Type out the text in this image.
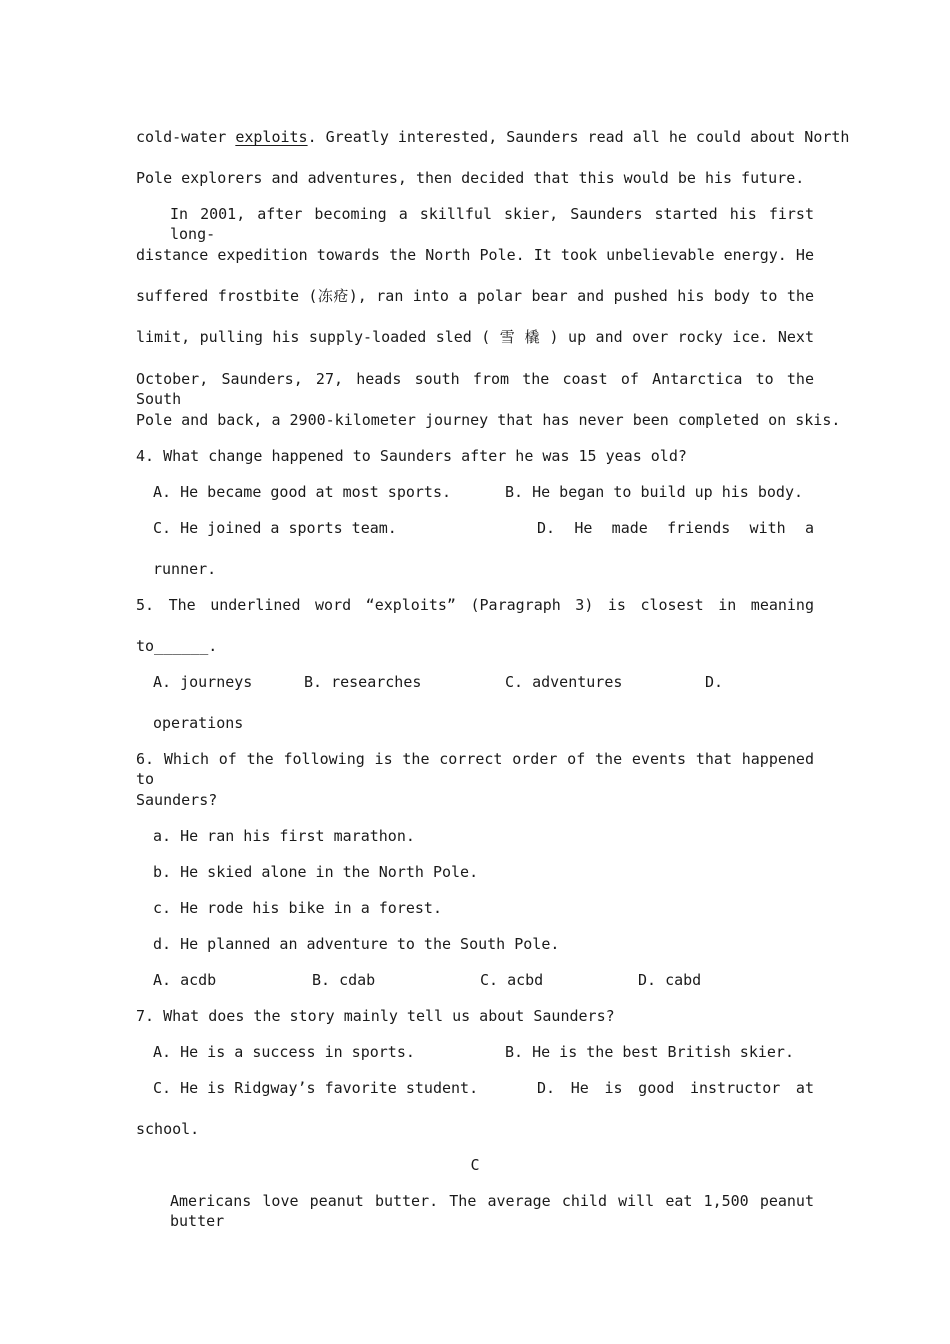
cold-water exploits. Greatly interested, Saunders read all he could about North
Pole explorers and adventures, then decided that this would be his future.
In 2001, after becoming a skillful skier, Saunders started his first long-
distance expedition towards the North Pole. It took unbelievable energy. He
suffered frostbite (冻疮), ran into a polar bear and pushed his body to the
limit, pulling his supply-loaded sled ( 雪 橇 ) up and over rocky ice. Next
October, Saunders, 27, heads south from the coast of Antarctica to the South
Pole and back, a 2900-kilometer journey that has never been completed on skis.
4. What change happened to Saunders after he was 15 yeas old?
A. He became good at most sports.	B. He began to build up his body.
C. He joined a sports team.	D. He made friends with a
runner.
5. The underlined word “exploits” (Paragraph 3) is closest in meaning
to______.
A. journeys	B. researches	C. adventures	D.
operations
6. Which of the following is the correct order of the events that happened to
Saunders?
a. He ran his first marathon.
b. He skied alone in the North Pole.
c. He rode his bike in a forest.
d. He planned an adventure to the South Pole.
A. acdb	B. cdab	C. acbd	D. cabd
7. What does the story mainly tell us about Saunders?
A. He is a success in sports.	B. He is the best British skier.
C. He is Ridgway’s favorite student.	D. He is good instructor at
school.
C
Americans love peanut butter. The average child will eat 1,500 peanut butter
